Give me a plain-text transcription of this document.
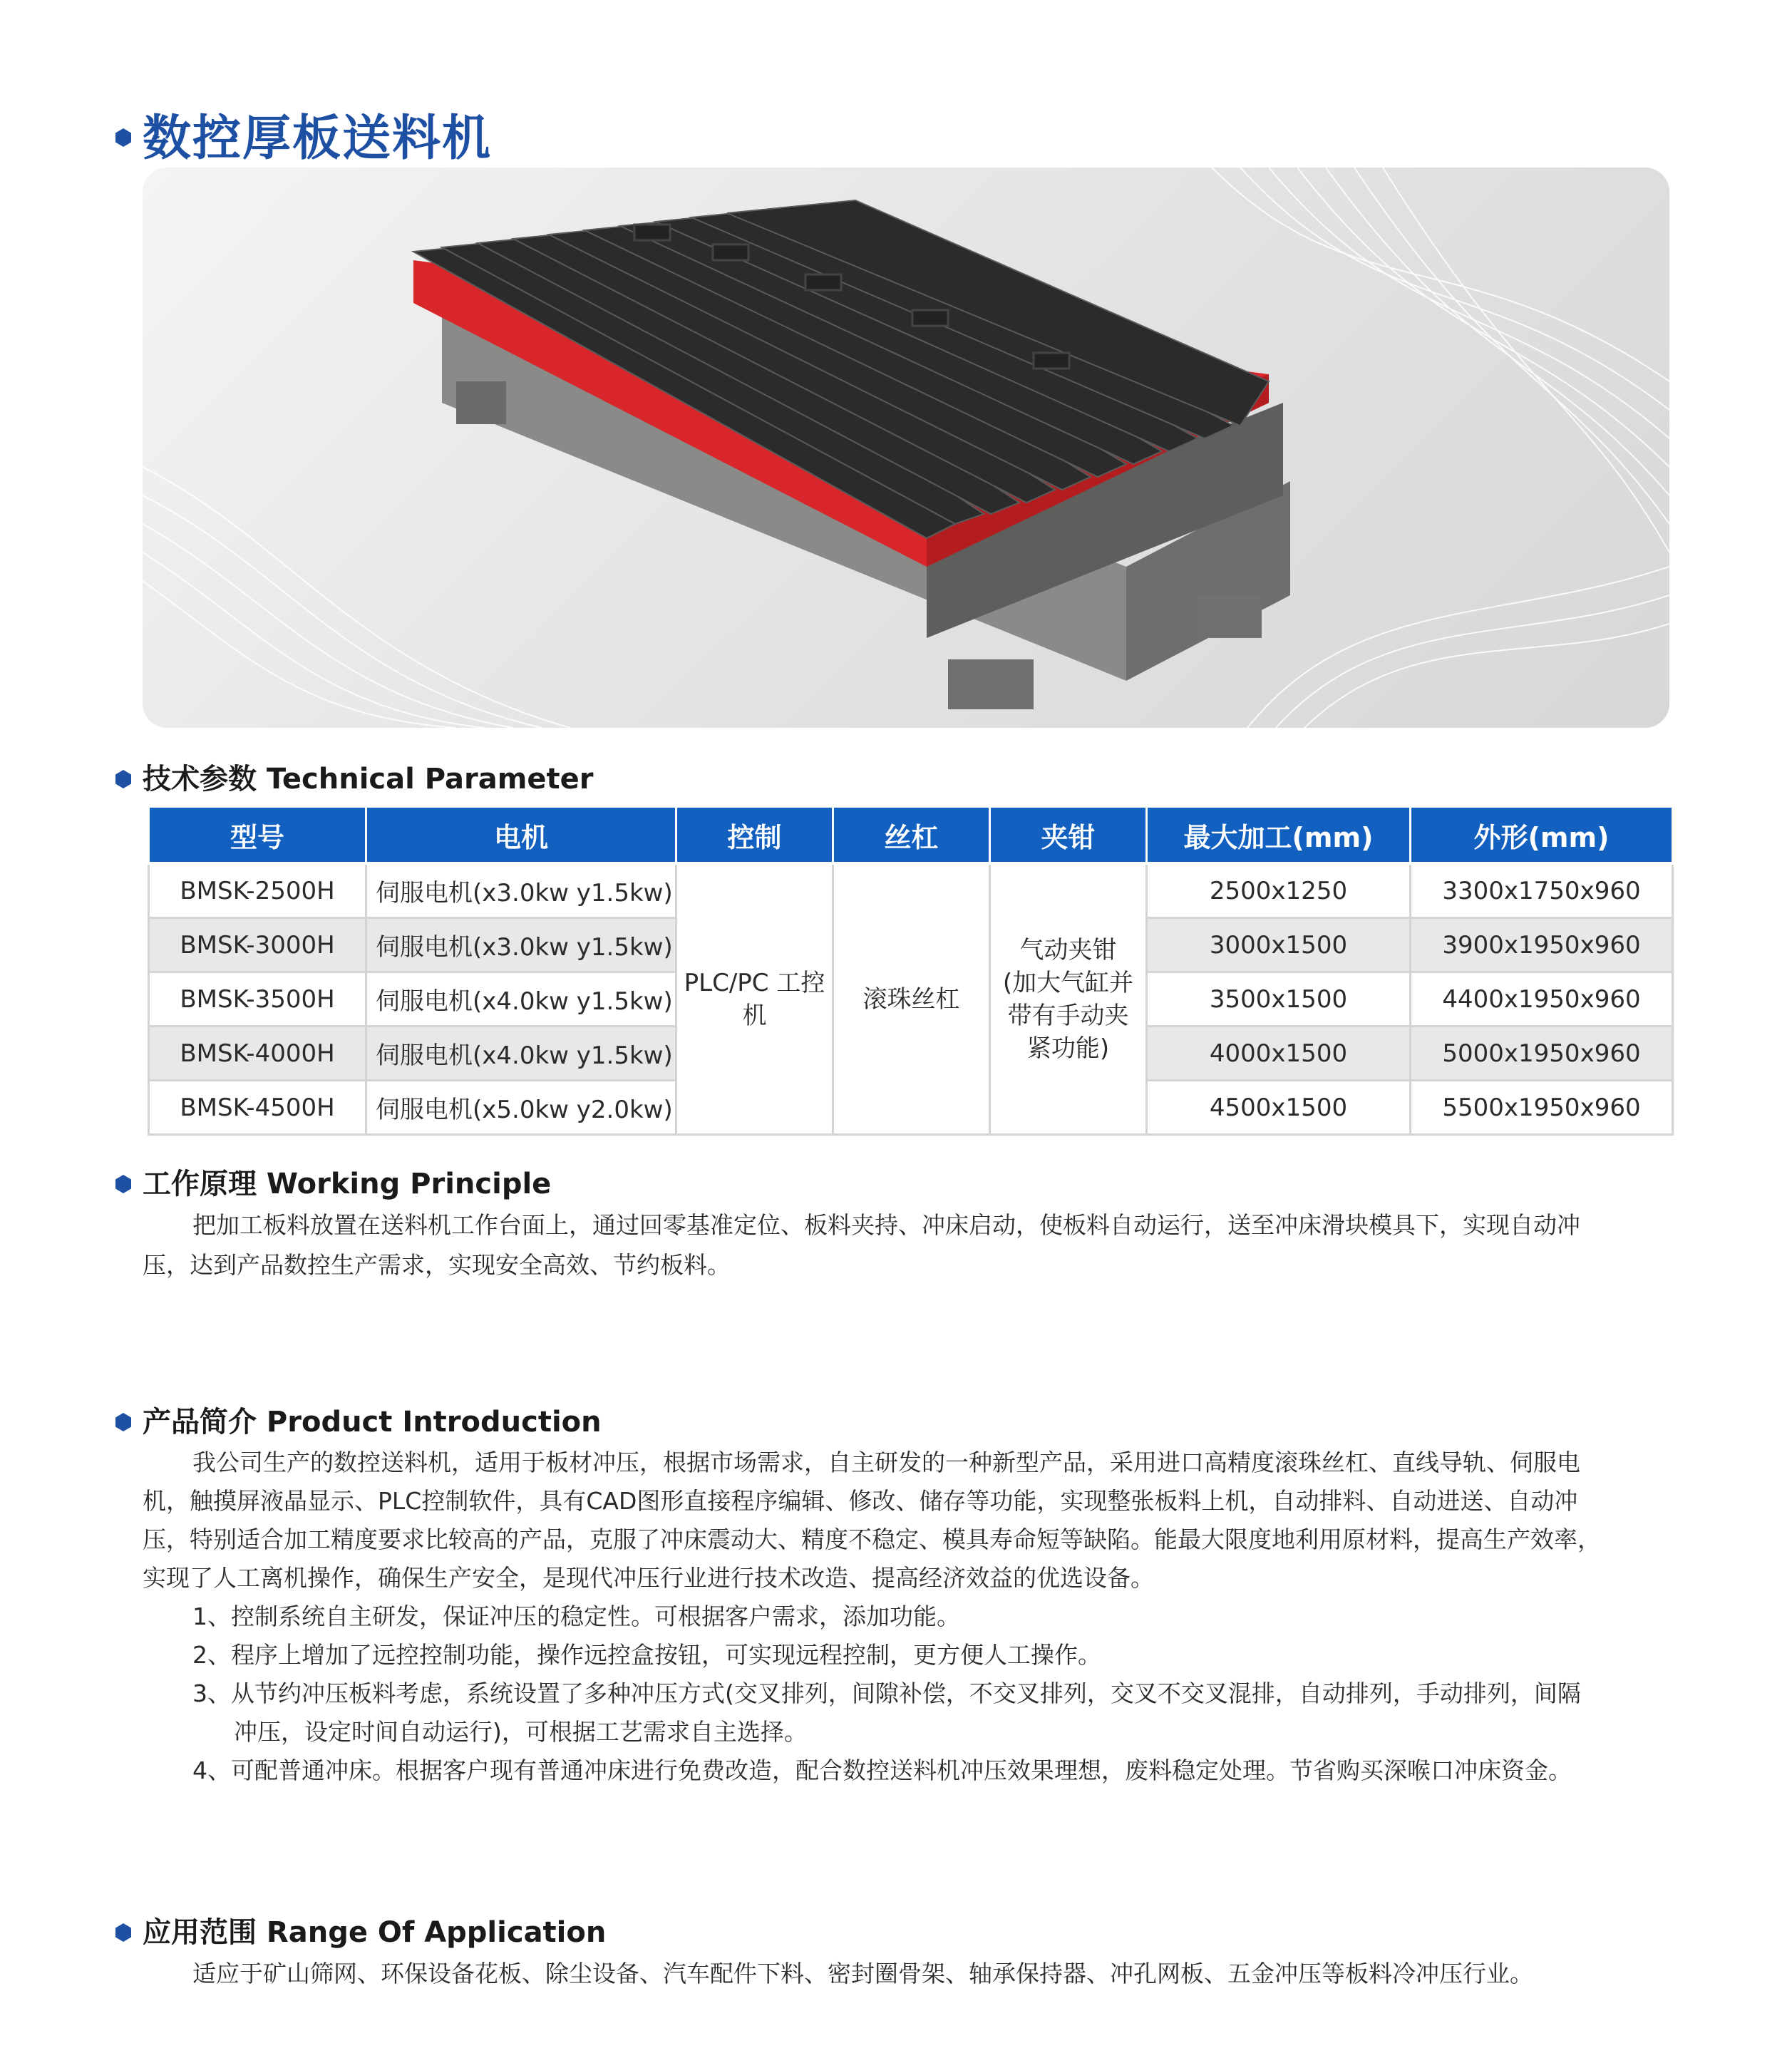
数控厚板送料机
技术参数 Technical Parameter
型号	电机	控制	丝杠	夹钳	最大加工(mm)	外形(mm)
BMSK-2500H	伺服电机(x3.0kw y1.5kw)	PLC/PC 工控机	滚珠丝杠	气动夹钳 (加大气缸并带有手动夹紧功能)	2500x1250	3300x1750x960
BMSK-3000H	伺服电机(x3.0kw y1.5kw)				3000x1500	3900x1950x960
BMSK-3500H	伺服电机(x4.0kw y1.5kw)				3500x1500	4400x1950x960
BMSK-4000H	伺服电机(x4.0kw y1.5kw)				4000x1500	5000x1950x960
BMSK-4500H	伺服电机(x5.0kw y2.0kw)				4500x1500	5500x1950x960
工作原理 Working Principle

把加工板料放置在送料机工作台面上，通过回零基准定位、板料夹持、冲床启动，使板料自动运行，送至冲床滑块模具下，实现自动冲

压，达到产品数控生产需求，实现安全高效、节约板料。

产品简介 Product Introduction

我公司生产的数控送料机，适用于板材冲压，根据市场需求，自主研发的一种新型产品，采用进口高精度滚珠丝杠、直线导轨、伺服电

机，触摸屏液晶显示、PLC控制软件，具有CAD图形直接程序编辑、修改、储存等功能，实现整张板料上机，自动排料、自动进送、自动冲

压，特别适合加工精度要求比较高的产品，克服了冲床震动大、精度不稳定、模具寿命短等缺陷。能最大限度地利用原材料，提高生产效率，

实现了人工离机操作，确保生产安全，是现代冲压行业进行技术改造、提高经济效益的优选设备。

1、控制系统自主研发，保证冲压的稳定性。可根据客户需求，添加功能。

2、程序上增加了远控控制功能，操作远控盒按钮，可实现远程控制，更方便人工操作。

3、从节约冲压板料考虑，系统设置了多种冲压方式(交叉排列，间隙补偿，不交叉排列，交叉不交叉混排，自动排列，手动排列，间隔

冲压，设定时间自动运行)，可根据工艺需求自主选择。

4、可配普通冲床。根据客户现有普通冲床进行免费改造，配合数控送料机冲压效果理想，废料稳定处理。节省购买深喉口冲床资金。

应用范围 Range Of Application

适应于矿山筛网、环保设备花板、除尘设备、汽车配件下料、密封圈骨架、轴承保持器、冲孔网板、五金冲压等板料冷冲压行业。
